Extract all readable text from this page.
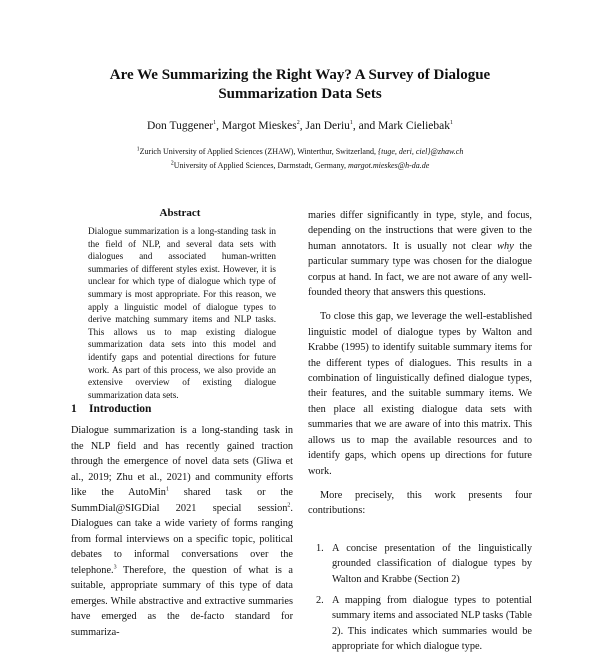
Are We Summarizing the Right Way? A Survey of Dialogue
Summarization Data Sets
Don Tuggener$^1$, Margot Mieskes$^2$, Jan Deriu$^1$, and Mark Cieliebak$^1$
$^1$Zurich University of Applied Sciences (ZHAW), Winterthur, Switzerland, {tuge, deri, ciel}@zhaw.ch
$^2$University of Applied Sciences, Darmstadt, Germany, margot.mieskes@h-da.de
Abstract
Dialogue summarization is a long-standing task in the field of NLP, and several data sets with dialogues and associated human-written summaries of different styles exist. However, it is unclear for which type of dialogue which type of summary is most appropriate. For this reason, we apply a linguistic model of dialogue types to derive matching summary items and NLP tasks. This allows us to map existing dialogue summarization data sets into this model and identify gaps and potential directions for future work. As part of this process, we also provide an extensive overview of existing dialogue summarization data sets.
1 Introduction
Dialogue summarization is a long-standing task in the NLP field and has recently gained traction through the emergence of novel data sets (Gliwa et al., 2019; Zhu et al., 2021) and community efforts like the AutoMin$^1$ shared task or the SummDial@SIGDial 2021 special session$^2$. Dialogues can take a wide variety of forms ranging from formal interviews on a specific topic, political debates to informal conversations over the telephone.$^3$ Therefore, the question of what is a suitable, appropriate summary of this type of data emerges. While abstractive and extractive summaries have emerged as the de-facto standard for summariza-

maries differ significantly in type, style, and focus, depending on the instructions that were given to the human annotators. It is usually not clear why the particular summary type was chosen for the dialogue corpus at hand. In fact, we are not aware of any well-founded theory that answers this questions.

To close this gap, we leverage the well-established linguistic model of dialogue types by Walton and Krabbe (1995) to identify suitable summary items for the different types of dialogues. This results in a combination of linguistically defined dialogue types, their features, and the suitable summary items. We then place all existing dialogue data sets with summaries that we are aware of into this matrix. This allows us to map the available resources and to identify gaps, which opens up directions for future work.

More precisely, this work presents four contributions:

1. A concise presentation of the linguistically grounded classification of dialogue types by Walton and Krabbe (Section 2)
2. A mapping from dialogue types to potential summary items and associated NLP tasks (Table 2). This indicates which summaries would be appropriate for which dialogue type.
